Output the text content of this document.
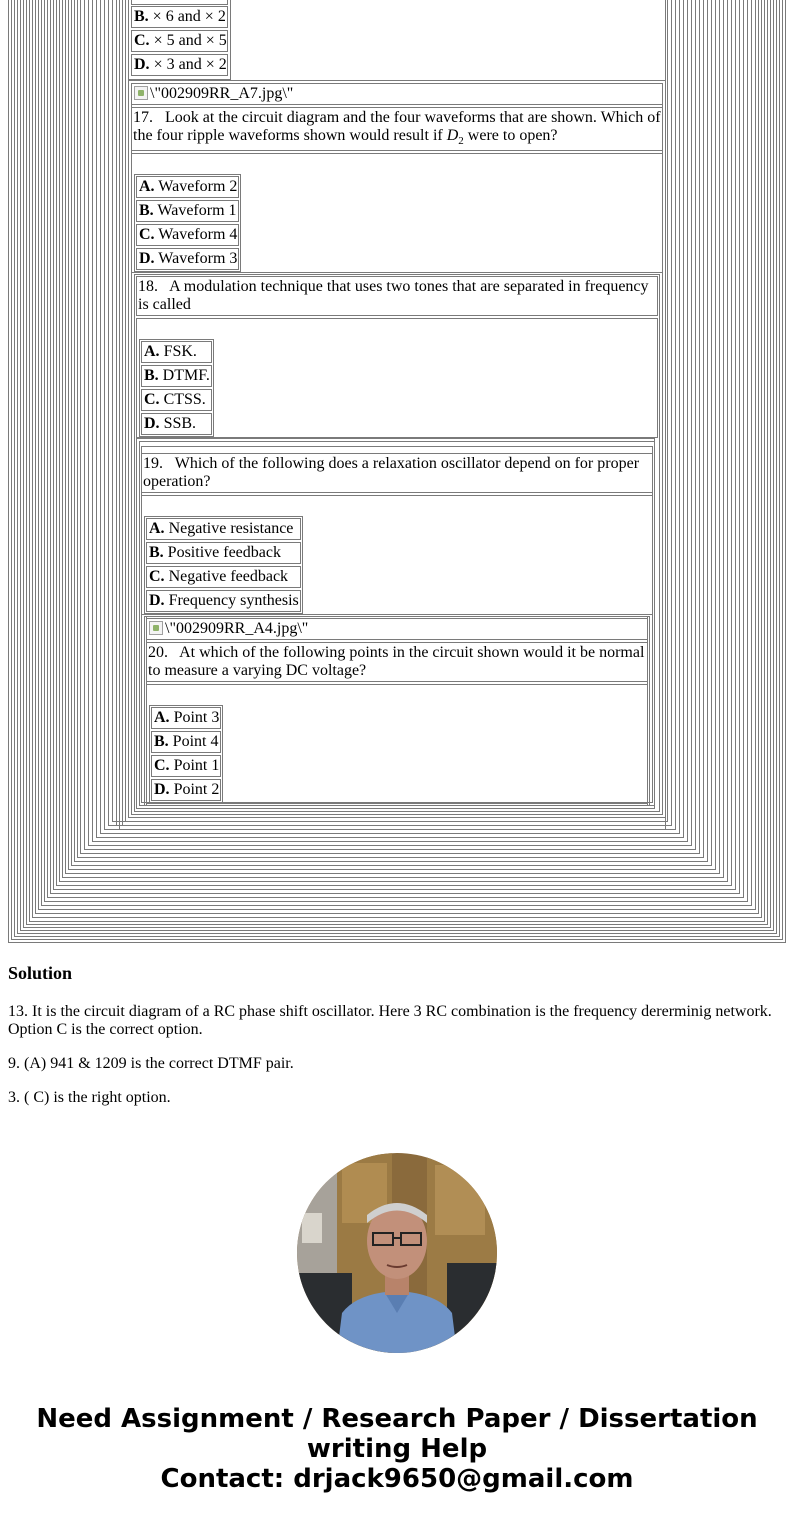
B. × 6 and × 2
C. × 5 and × 5
D. × 3 and × 2
\"002909RR_A7.jpg\"
17. Look at the circuit diagram and the four waveforms that are shown. Which of
the four ripple waveforms shown would result if $D_2$ were to open?
A. Waveform 2
B. Waveform 1
C. Waveform 4
D. Waveform 3
18. A modulation technique that uses two tones that are separated in frequency
is called
A. FSK.
B. DTMF.
C. CTSS.
D. SSB.
19. Which of the following does a relaxation oscillator depend on for proper
operation?
A. Negative resistance
B. Positive feedback
C. Negative feedback
D. Frequency synthesis
\"002909RR_A4.jpg\"
20. At which of the following points in the circuit shown would it be normal
to measure a varying DC voltage?
A. Point 3
B. Point 4
C. Point 1
D. Point 2
Solution
13. It is the circuit diagram of a RC phase shift oscillator. Here 3 RC combination is the frequency dererminig network.
Option C is the correct option.
9. (A) 941 & 1209 is the correct DTMF pair.
3. ( C) is the right option.
Need Assignment / Research Paper / Dissertation
writing Help
Contact: drjack9650@gmail.com
